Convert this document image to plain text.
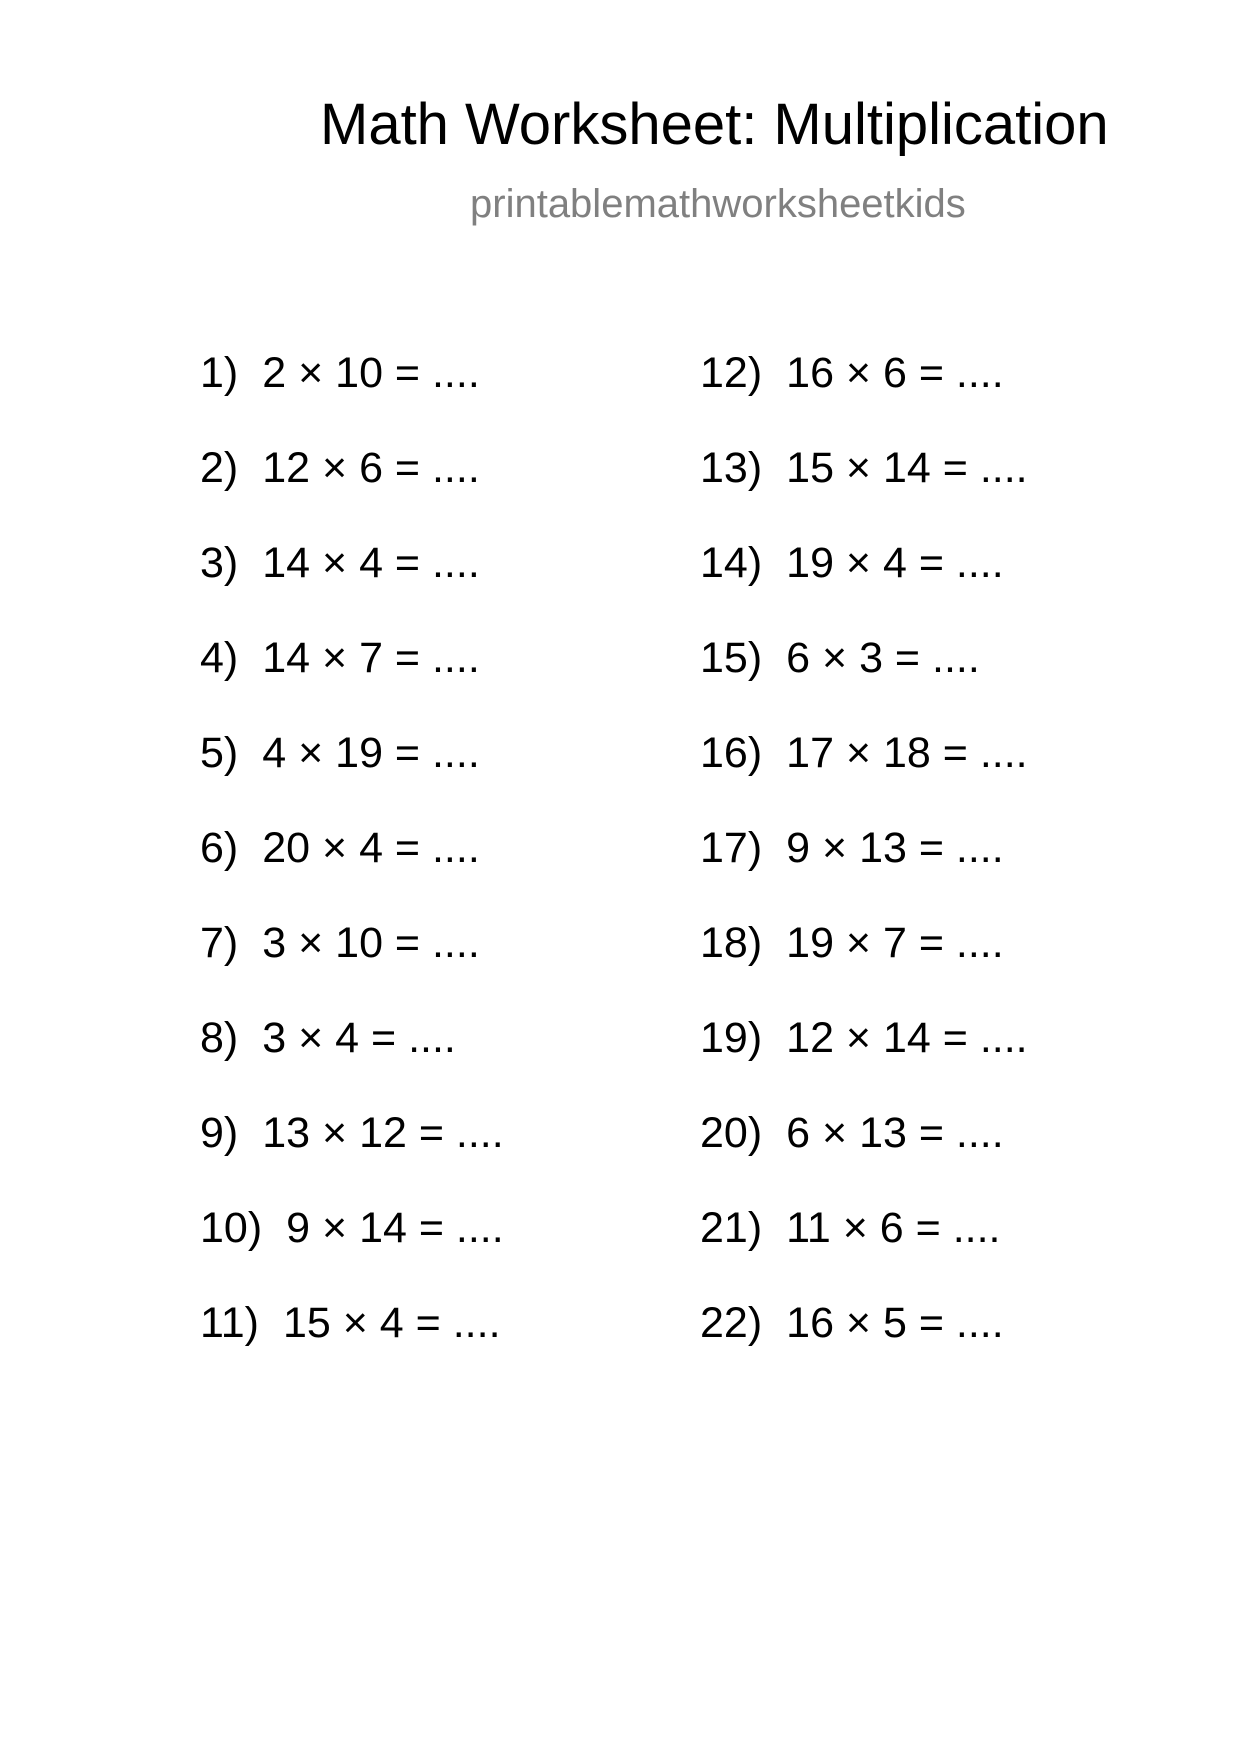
Math Worksheet: Multiplication
printablemathworksheetkids
1) 2 × 10 = ....
2) 12 × 6 = ....
3) 14 × 4 = ....
4) 14 × 7 = ....
5) 4 × 19 = ....
6) 20 × 4 = ....
7) 3 × 10 = ....
8) 3 × 4 = ....
9) 13 × 12 = ....
10) 9 × 14 = ....
11) 15 × 4 = ....
12) 16 × 6 = ....
13) 15 × 14 = ....
14) 19 × 4 = ....
15) 6 × 3 = ....
16) 17 × 18 = ....
17) 9 × 13 = ....
18) 19 × 7 = ....
19) 12 × 14 = ....
20) 6 × 13 = ....
21) 11 × 6 = ....
22) 16 × 5 = ....
